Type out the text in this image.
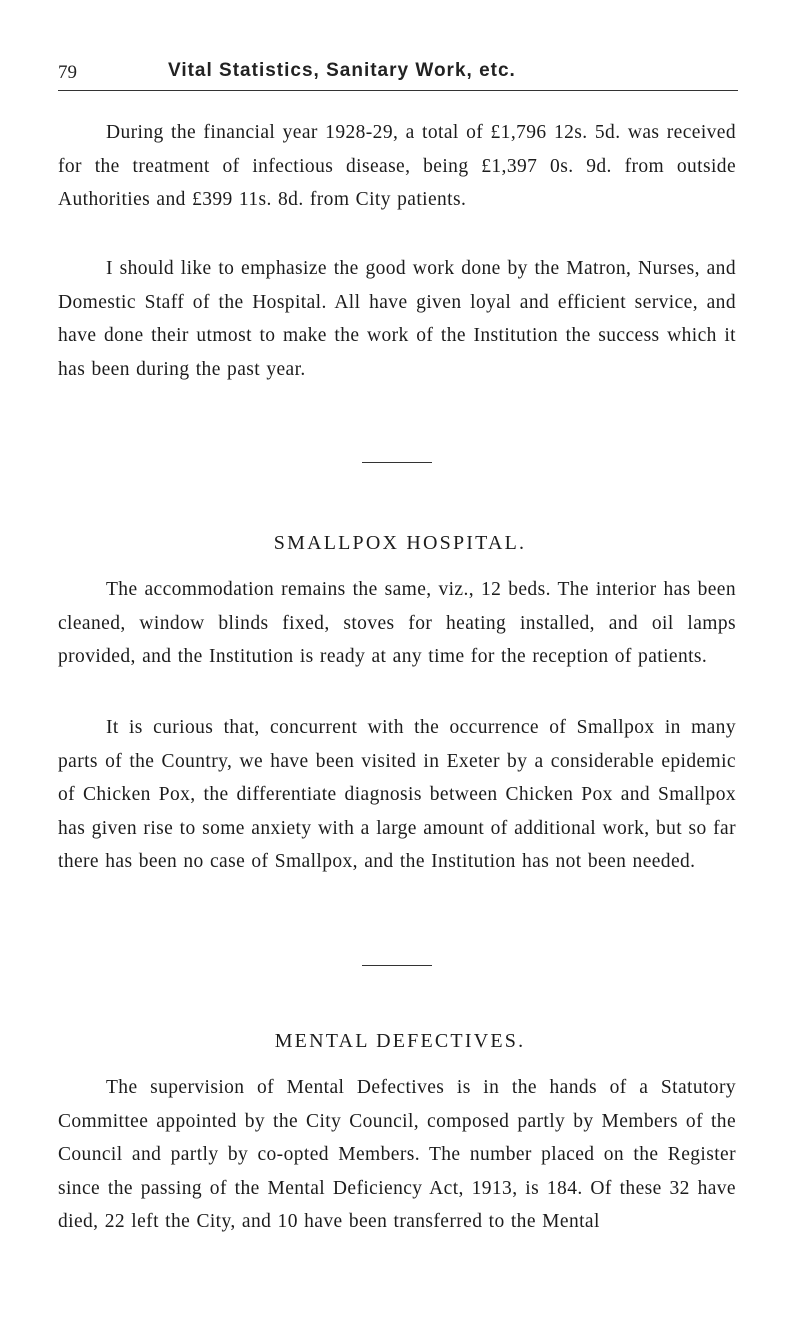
79	Vital Statistics, Sanitary Work, etc.

During the financial year 1928-29, a total of £1,796 12s. 5d. was received for the treatment of infectious disease, being £1,397 0s. 9d. from outside Authorities and £399 11s. 8d. from City patients.

I should like to emphasize the good work done by the Matron, Nurses, and Domestic Staff of the Hospital. All have given loyal and efficient service, and have done their utmost to make the work of the Institution the success which it has been during the past year.

SMALLPOX HOSPITAL.

The accommodation remains the same, viz., 12 beds. The interior has been cleaned, window blinds fixed, stoves for heating installed, and oil lamps provided, and the Institution is ready at any time for the reception of patients.

It is curious that, concurrent with the occurrence of Smallpox in many parts of the Country, we have been visited in Exeter by a considerable epidemic of Chicken Pox, the differentiate diagnosis between Chicken Pox and Smallpox has given rise to some anxiety with a large amount of additional work, but so far there has been no case of Smallpox, and the Institution has not been needed.

MENTAL DEFECTIVES.

The supervision of Mental Defectives is in the hands of a Statutory Committee appointed by the City Council, composed partly by Members of the Council and partly by co-opted Members. The number placed on the Register since the passing of the Mental Deficiency Act, 1913, is 184. Of these 32 have died, 22 left the City, and 10 have been transferred to the Mental
